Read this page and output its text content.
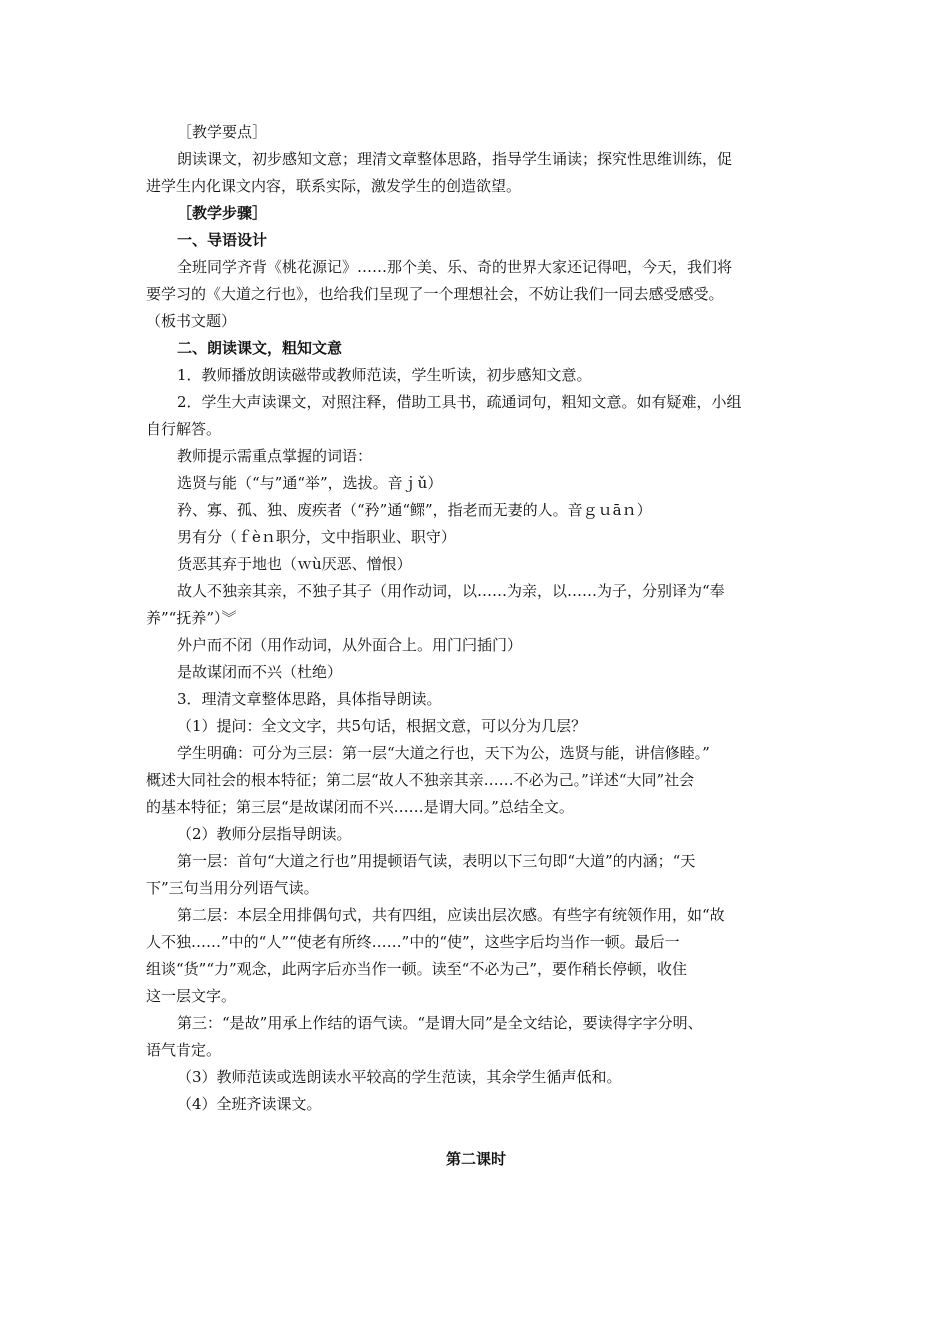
［教学要点］

朗读课文，初步感知文意；理清文章整体思路，指导学生诵读；探究性思维训练，促

进学生内化课文内容，联系实际，激发学生的创造欲望。

［教学步骤］

一、导语设计

全班同学齐背《桃花源记》……那个美、乐、奇的世界大家还记得吧，今天，我们将

要学习的《大道之行也》，也给我们呈现了一个理想社会，不妨让我们一同去感受感受。

（板书文题）

二、朗读课文，粗知文意

1．教师播放朗读磁带或教师范读，学生听读，初步感知文意。

2．学生大声读课文，对照注释，借助工具书，疏通词句，粗知文意。如有疑难，小组

自行解答。

教师提示需重点掌握的词语：

选贤与能（“与”通“举”，选拔。音ｊǔ）

矜、寡、孤、独、废疾者（“矜”通“鳏”，指老而无妻的人。音ｇｕāｎ）

男有分（ｆèｎ职分，文中指职业、职守）

货恶其弃于地也（ｗù厌恶、憎恨）

故人不独亲其亲，不独子其子（用作动词，以……为亲，以……为子，分别译为“奉

养”“抚养”）︾

外户而不闭（用作动词，从外面合上。用门闩插门）

是故谋闭而不兴（杜绝）

3．理清文章整体思路，具体指导朗读。

（1）提问：全文文字，共5句话，根据文意，可以分为几层？

学生明确：可分为三层：第一层“大道之行也，天下为公，选贤与能，讲信修睦。”

概述大同社会的根本特征；第二层“故人不独亲其亲……不必为己。”详述“大同”社会

的基本特征；第三层“是故谋闭而不兴……是谓大同。”总结全文。

（2）教师分层指导朗读。

第一层：首句“大道之行也”用提顿语气读，表明以下三句即“大道”的内涵；“天

下”三句当用分列语气读。

第二层：本层全用排偶句式，共有四组，应读出层次感。有些字有统领作用，如“故

人不独……”中的“人”“使老有所终……”中的“使”，这些字后均当作一顿。最后一

组谈“货”“力”观念，此两字后亦当作一顿。读至“不必为己”，要作稍长停顿，收住

这一层文字。

第三：“是故”用承上作结的语气读。“是谓大同”是全文结论，要读得字字分明、

语气肯定。

（3）教师范读或选朗读水平较高的学生范读，其余学生循声低和。

（4）全班齐读课文。

第二课时
